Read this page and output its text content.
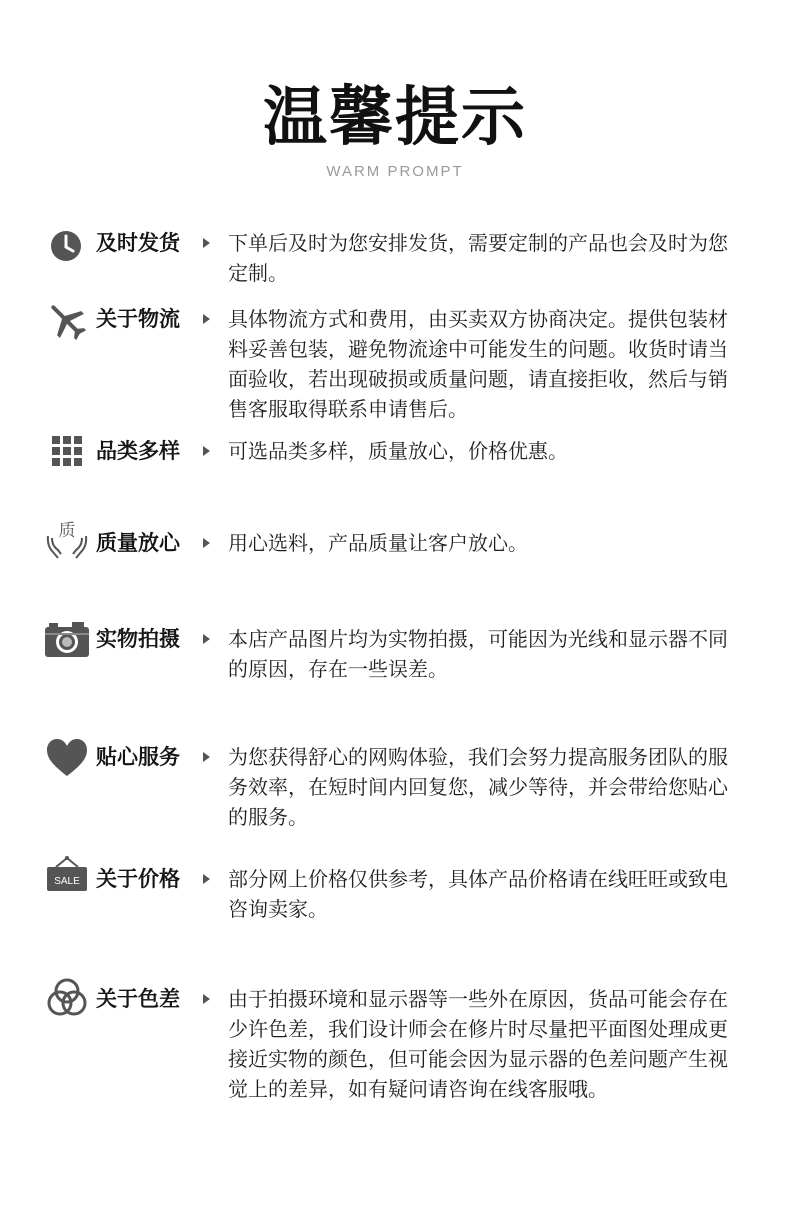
温馨提示
WARM PROMPT
及时发货 下单后及时为您安排发货，需要定制的产品也会及时为您定制。
关于物流 具体物流方式和费用，由买卖双方协商决定。提供包装材料妥善包装，避免物流途中可能发生的问题。收货时请当面验收，若出现破损或质量问题，请直接拒收，然后与销售客服取得联系申请售后。
品类多样 可选品类多样，质量放心，价格优惠。
质 质量放心 用心选料，产品质量让客户放心。
实物拍摄 本店产品图片均为实物拍摄，可能因为光线和显示器不同的原因，存在一些误差。
贴心服务 为您获得舒心的网购体验，我们会努力提高服务团队的服务效率，在短时间内回复您，减少等待，并会带给您贴心的服务。
SALE 关于价格 部分网上价格仅供参考，具体产品价格请在线旺旺或致电咨询卖家。
关于色差 由于拍摄环境和显示器等一些外在原因，货品可能会存在少许色差，我们设计师会在修片时尽量把平面图处理成更接近实物的颜色，但可能会因为显示器的色差问题产生视觉上的差异，如有疑问请咨询在线客服哦。
